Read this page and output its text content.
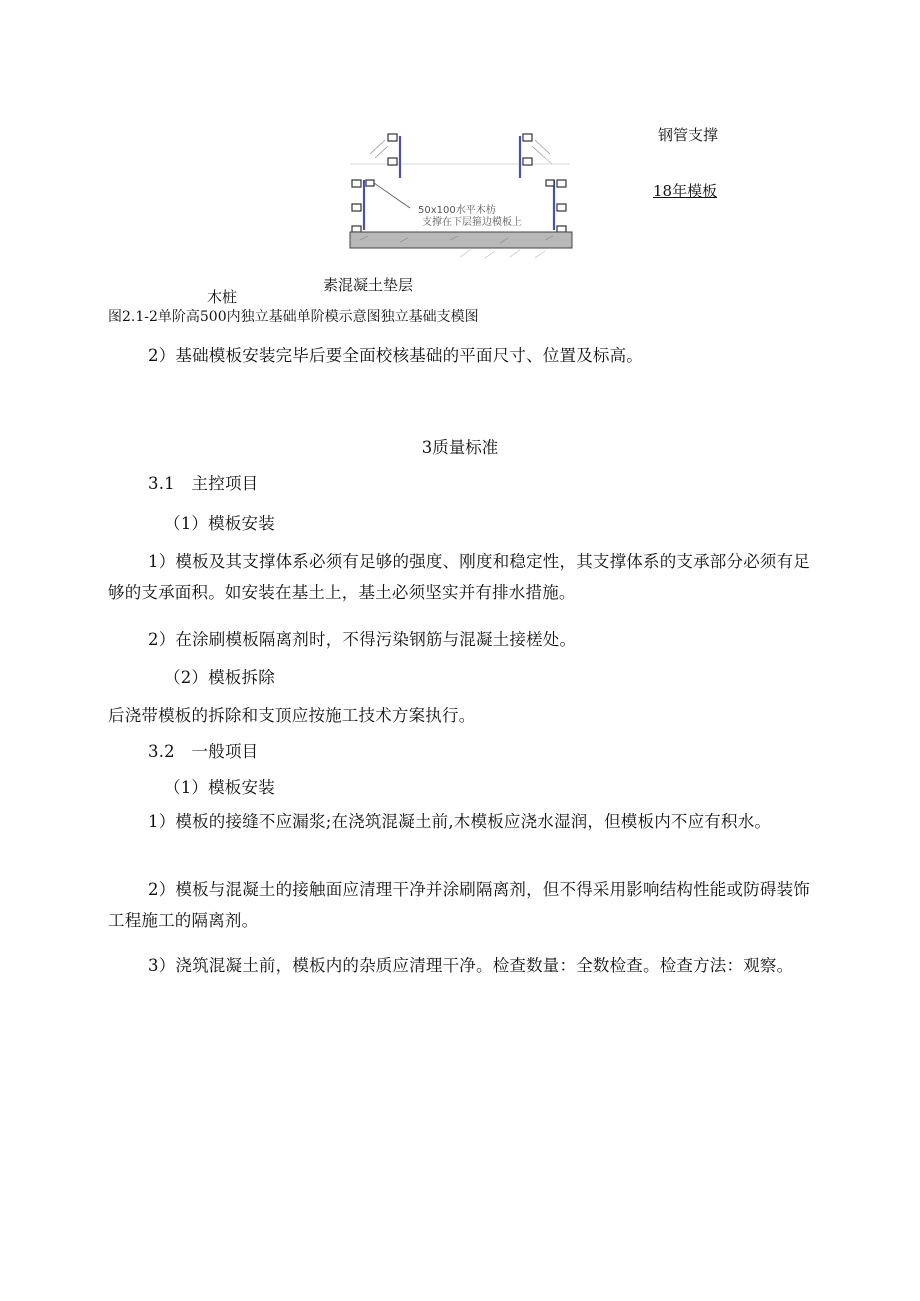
50x100水平木枋
支撑在下层箍边模板上
钢管支撑
18年模板
素混凝土垫层
木桩
图2.1-2单阶高500内独立基础单阶模示意图独立基础支模图
2）基础模板安装完毕后要全面校核基础的平面尺寸、位置及标高。
3质量标准
3.1　主控项目
（1）模板安装
1）模板及其支撑体系必须有足够的强度、刚度和稳定性，其支撑体系的支承部分必须有足够的支承面积。如安装在基土上，基土必须坚实并有排水措施。
2）在涂刷模板隔离剂时，不得污染钢筋与混凝土接槎处。
（2）模板拆除
后浇带模板的拆除和支顶应按施工技术方案执行。
3.2　一般项目
（1）模板安装
1）模板的接缝不应漏浆;在浇筑混凝土前,木模板应浇水湿润，但模板内不应有积水。
2）模板与混凝土的接触面应清理干净并涂刷隔离剂，但不得采用影响结构性能或防碍装饰工程施工的隔离剂。
3）浇筑混凝土前，模板内的杂质应清理干净。检查数量：全数检查。检查方法：观察。
